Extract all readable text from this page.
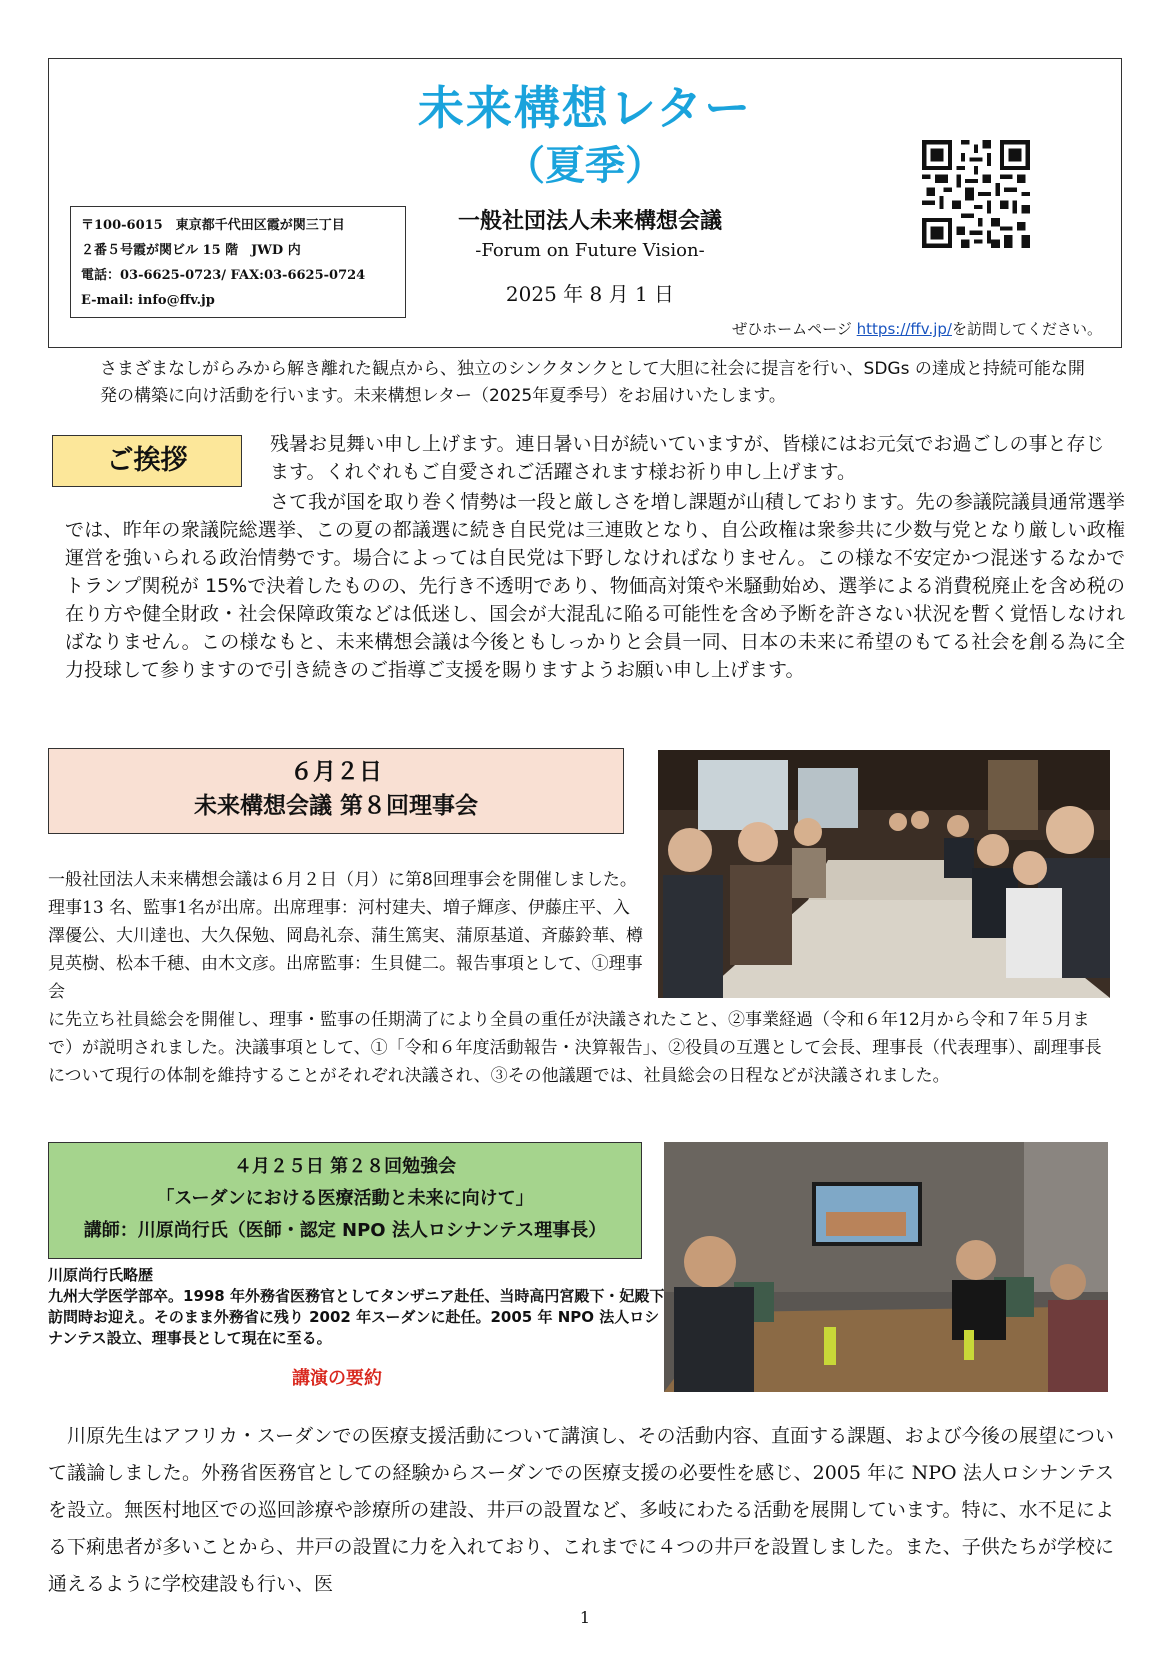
未来構想レター
（夏季）
〒100-6015　東京都千代田区霞が関三丁目
２番５号霞が関ビル 15 階　JWD 内
電話：03-6625-0723/ FAX:03-6625-0724
E-mail: info@ffv.jp
一般社団法人未来構想会議
-Forum on Future Vision-
2025 年 8 月 1 日
ぜひホームページ https://ffv.jp/を訪問してください。
さまざまなしがらみから解き離れた観点から、独立のシンクタンクとして大胆に社会に提言を行い、SDGs の達成と持続可能な開発の構築に向け活動を行います。未来構想レター（2025年夏季号）をお届けいたします。
ご挨拶
残暑お見舞い申し上げます。連日暑い日が続いていますが、皆様にはお元気でお過ごしの事と存じます。くれぐれもご自愛されご活躍されます様お祈り申し上げます。
さて我が国を取り巻く情勢は一段と厳しさを増し課題が山積しております。先の参議院議員通常選挙では、昨年の衆議院総選挙、この夏の都議選に続き自民党は三連敗となり、自公政権は衆参共に少数与党となり厳しい政権運営を強いられる政治情勢です。場合によっては自民党は下野しなければなりません。この様な不安定かつ混迷するなかでトランプ関税が 15%で決着したものの、先行き不透明であり、物価高対策や米騒動始め、選挙による消費税廃止を含め税の在り方や健全財政・社会保障政策などは低迷し、国会が大混乱に陥る可能性を含め予断を許さない状況を暫く覚悟しなければなりません。この様なもと、未来構想会議は今後ともしっかりと会員一同、日本の未来に希望のもてる社会を創る為に全力投球して参りますので引き続きのご指導ご支援を賜りますようお願い申し上げます。
６月２日
未来構想会議 第８回理事会
一般社団法人未来構想会議は６月２日（月）に第8回理事会を開催しました。理事13 名、監事1名が出席。出席理事：河村建夫、増子輝彦、伊藤庄平、入澤優公、大川達也、大久保勉、岡島礼奈、蒲生篤実、蒲原基道、斉藤鈴華、樽見英樹、松本千穂、由木文彦。出席監事：生貝健二。報告事項として、①理事会
に先立ち社員総会を開催し、理事・監事の任期満了により全員の重任が決議されたこと、②事業経過（令和６年12月から令和７年５月まで）が説明されました。決議事項として、①「令和６年度活動報告・決算報告」、②役員の互選として会長、理事長（代表理事）、副理事長について現行の体制を維持することがそれぞれ決議され、③その他議題では、社員総会の日程などが決議されました。
４月２５日 第２８回勉強会
「スーダンにおける医療活動と未来に向けて」
講師：川原尚行氏（医師・認定 NPO 法人ロシナンテス理事長）
川原尚行氏略歴
九州大学医学部卒。1998 年外務省医務官としてタンザニア赴任、当時高円宮殿下・妃殿下訪問時お迎え。そのまま外務省に残り 2002 年スーダンに赴任。2005 年 NPO 法人ロシナンテス設立、理事長として現在に至る。
講演の要約
川原先生はアフリカ・スーダンでの医療支援活動について講演し、その活動内容、直面する課題、および今後の展望について議論しました。外務省医務官としての経験からスーダンでの医療支援の必要性を感じ、2005 年に NPO 法人ロシナンテスを設立。無医村地区での巡回診療や診療所の建設、井戸の設置など、多岐にわたる活動を展開しています。特に、水不足による下痢患者が多いことから、井戸の設置に力を入れており、これまでに４つの井戸を設置しました。また、子供たちが学校に通えるように学校建設も行い、医
1
